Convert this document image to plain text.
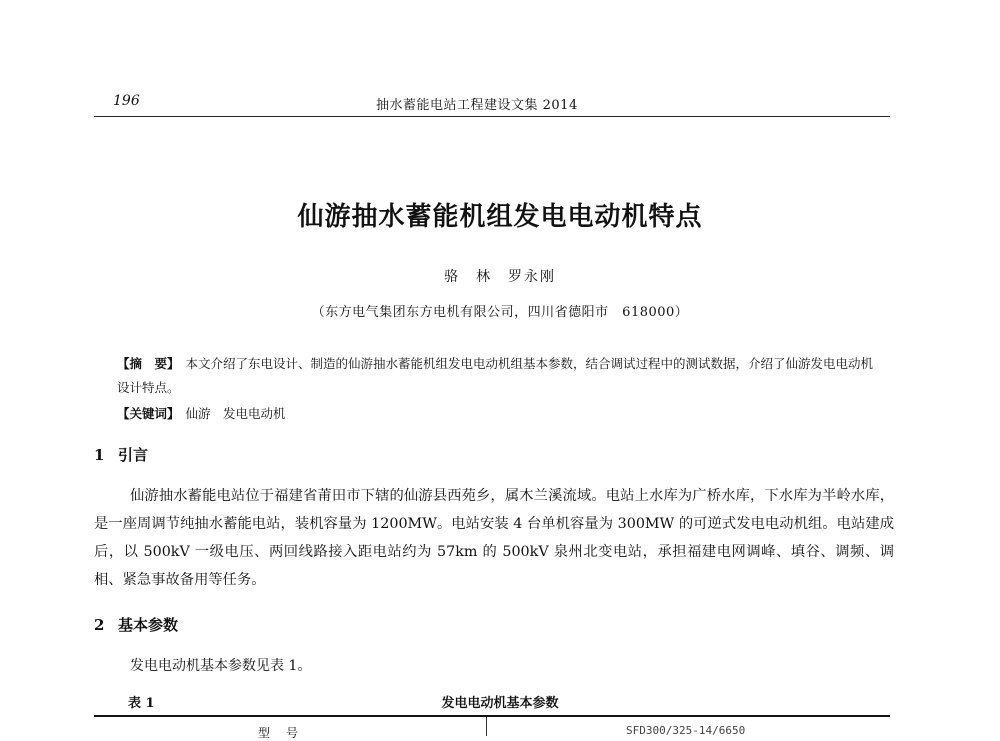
196	抽水蓄能电站工程建设文集 2014
仙游抽水蓄能机组发电电动机特点
骆　林　罗永刚
（东方电气集团东方电机有限公司，四川省德阳市　618000）
【摘　要】 本文介绍了东电设计、制造的仙游抽水蓄能机组发电电动机组基本参数，结合调试过程中的测试数据，介绍了仙游发电电动机设计特点。
【关键词】 仙游　发电电动机
1 引言
仙游抽水蓄能电站位于福建省莆田市下辖的仙游县西苑乡，属木兰溪流域。电站上水库为广桥水库，下水库为半岭水库，是一座周调节纯抽水蓄能电站，装机容量为 1200MW。电站安装 4 台单机容量为 300MW 的可逆式发电电动机组。电站建成后，以 500kV 一级电压、两回线路接入距电站约为 57km 的 500kV 泉州北变电站，承担福建电网调峰、填谷、调频、调相、紧急事故备用等任务。
2 基本参数
发电电动机基本参数见表 1。
表 1	发电电动机基本参数
型号	SFD300/325-14/6650
